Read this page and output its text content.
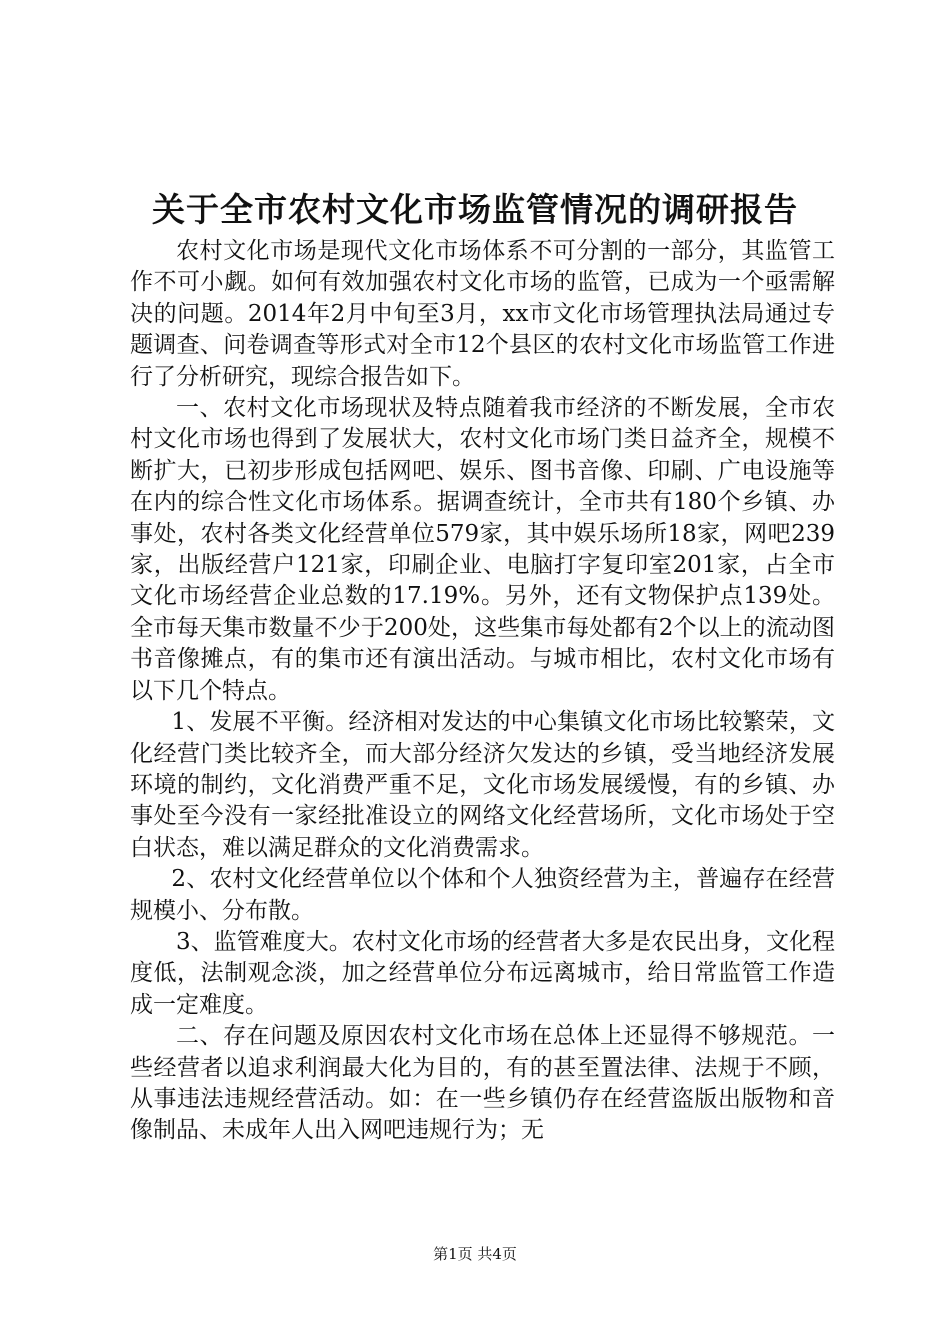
关于全市农村文化市场监管情况的调研报告

农村文化市场是现代文化市场体系不可分割的一部分，其监管工作不可小觑。如何有效加强农村文化市场的监管，已成为一个亟需解决的问题。2014年2月中旬至3月，xx市文化市场管理执法局通过专题调查、问卷调查等形式对全市12个县区的农村文化市场监管工作进行了分析研究，现综合报告如下。

一、农村文化市场现状及特点随着我市经济的不断发展，全市农村文化市场也得到了发展状大，农村文化市场门类日益齐全，规模不断扩大，已初步形成包括网吧、娱乐、图书音像、印刷、广电设施等在内的综合性文化市场体系。据调查统计，全市共有180个乡镇、办事处，农村各类文化经营单位579家，其中娱乐场所18家，网吧239家，出版经营户121家，印刷企业、电脑打字复印室201家，占全市文化市场经营企业总数的17.19%。另外，还有文物保护点139处。全市每天集市数量不少于200处，这些集市每处都有2个以上的流动图书音像摊点，有的集市还有演出活动。与城市相比，农村文化市场有以下几个特点。

1、发展不平衡。经济相对发达的中心集镇文化市场比较繁荣，文化经营门类比较齐全，而大部分经济欠发达的乡镇，受当地经济发展环境的制约，文化消费严重不足，文化市场发展缓慢，有的乡镇、办事处至今没有一家经批准设立的网络文化经营场所，文化市场处于空白状态，难以满足群众的文化消费需求。

2、农村文化经营单位以个体和个人独资经营为主，普遍存在经营规模小、分布散。

3、监管难度大。农村文化市场的经营者大多是农民出身，文化程度低，法制观念淡，加之经营单位分布远离城市，给日常监管工作造成一定难度。

二、存在问题及原因农村文化市场在总体上还显得不够规范。一些经营者以追求利润最大化为目的，有的甚至置法律、法规于不顾，从事违法违规经营活动。如：在一些乡镇仍存在经营盗版出版物和音像制品、未成年人出入网吧违规行为；无

第1页 共4页
